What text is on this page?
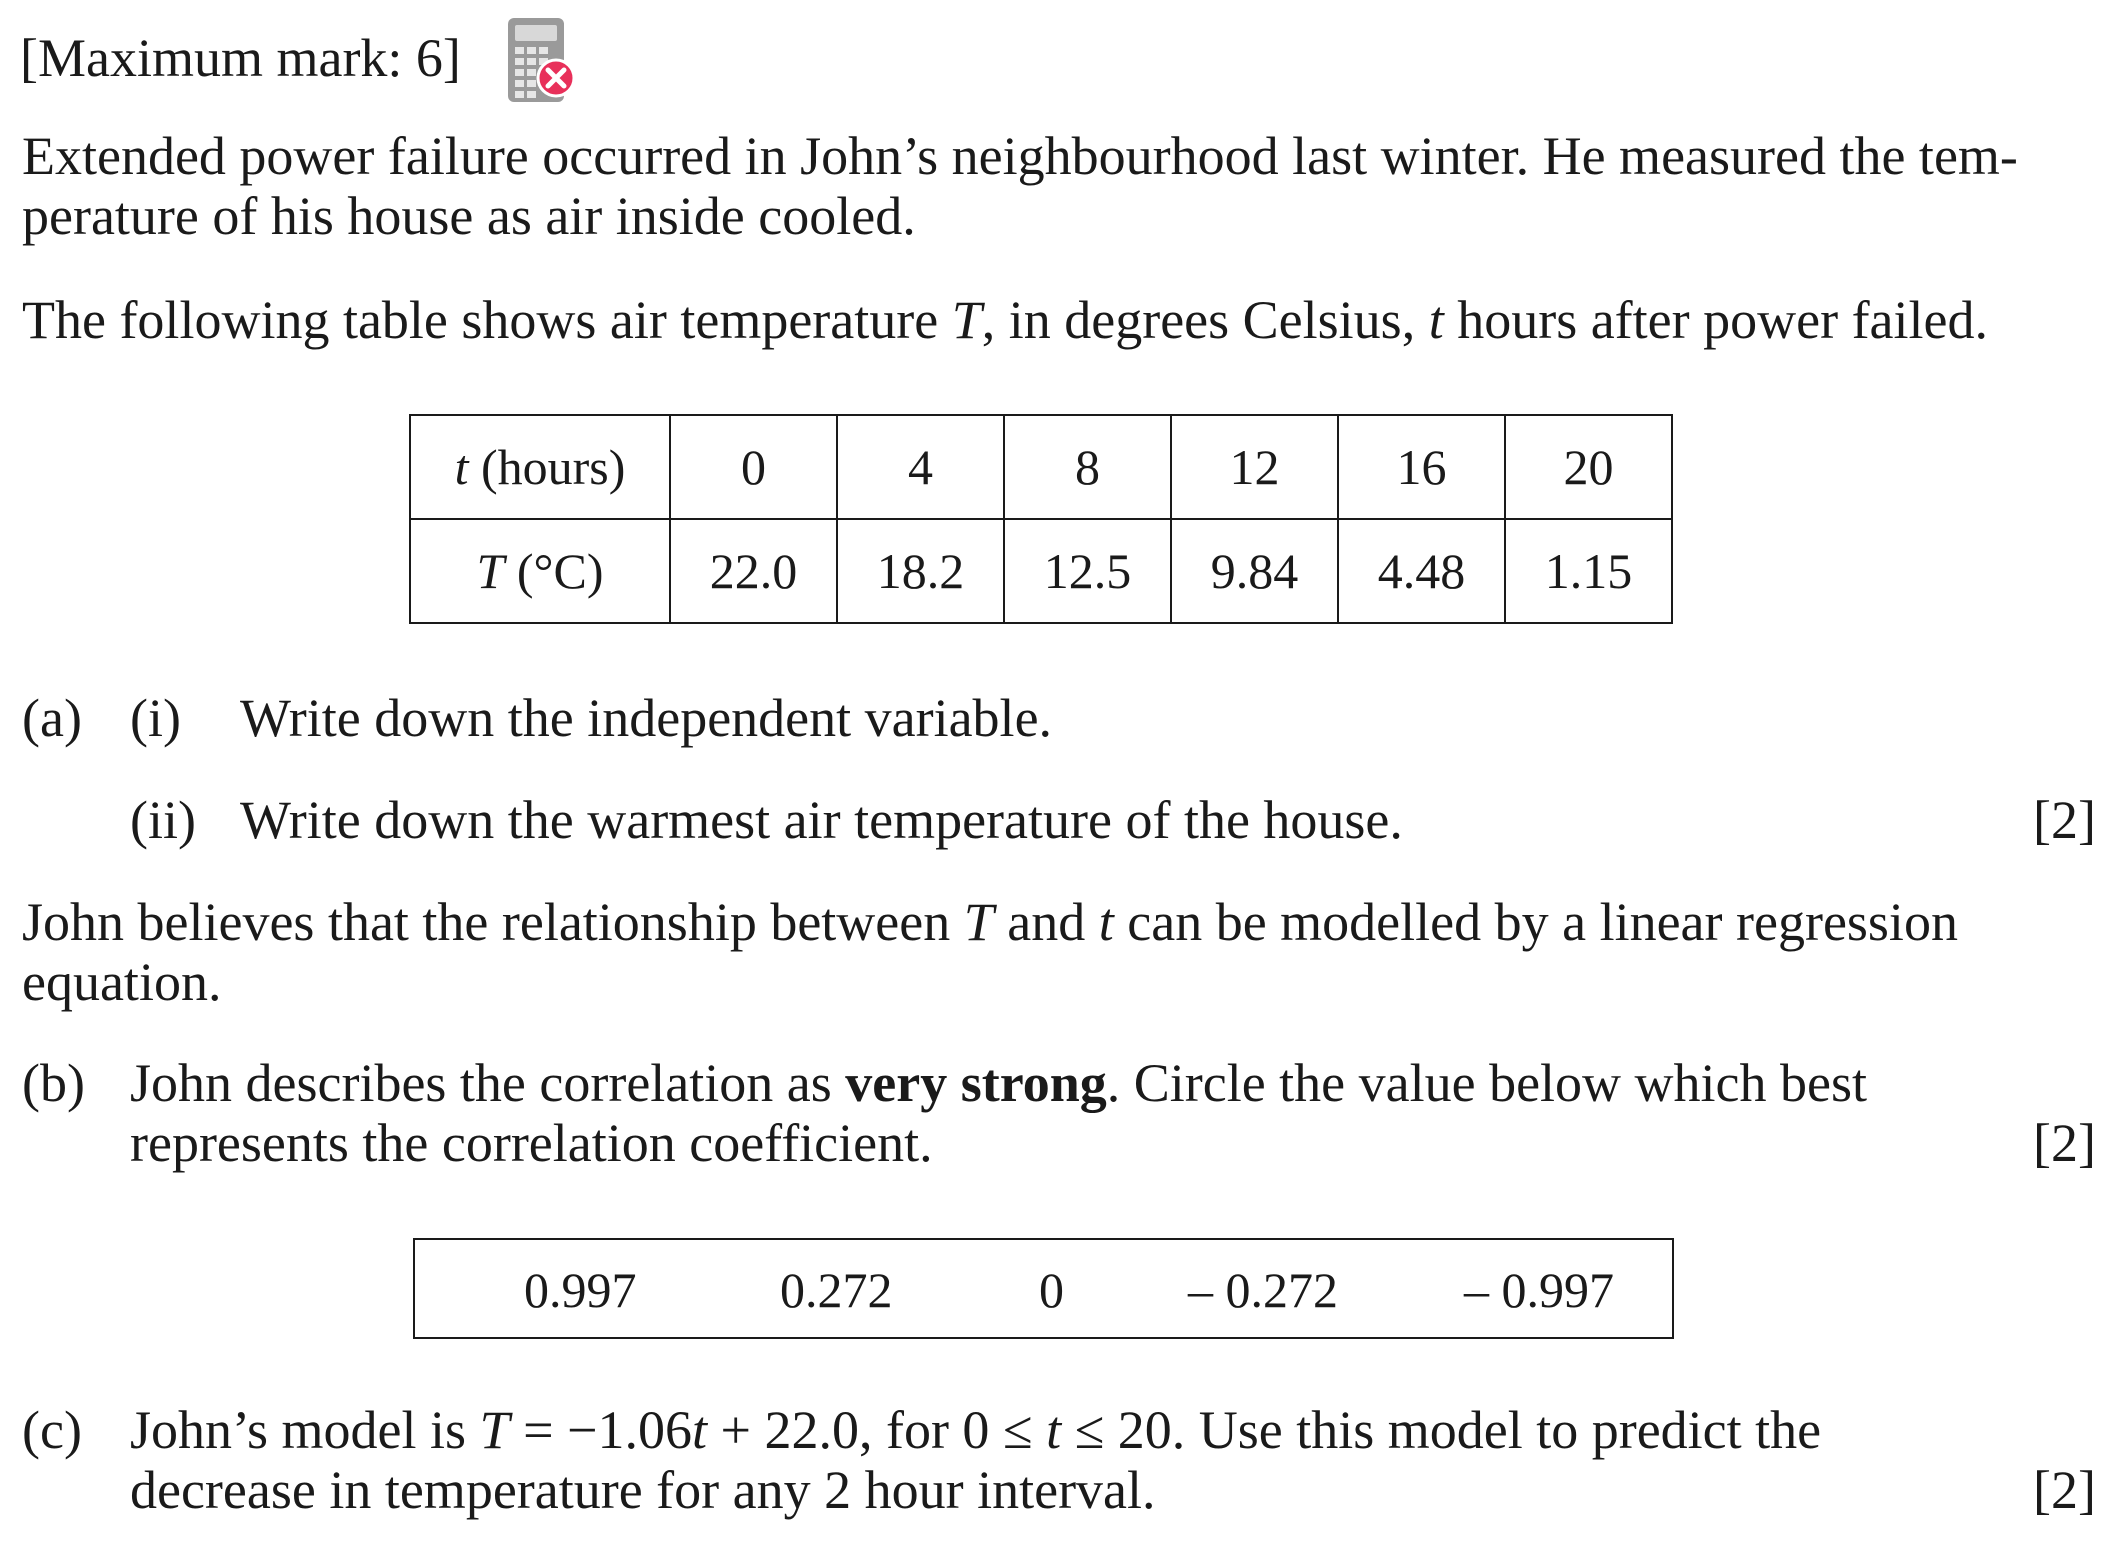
[Maximum mark: 6]
Extended power failure occurred in John’s neighbourhood last winter. He measured the tem-
perature of his house as air inside cooled.
The following table shows air temperature T, in degrees Celsius, t hours after power failed.
t (hours)	0	4	8	12	16	20
T (°C)	22.0	18.2	12.5	9.84	4.48	1.15
(a) (i) Write down the independent variable.
(ii) Write down the warmest air temperature of the house.	[2]
John believes that the relationship between T and t can be modelled by a linear regression
equation.
(b) John describes the correlation as very strong. Circle the value below which best
represents the correlation coefficient.	[2]
0.997	0.272	0 – 0.272	– 0.997
(c) John’s model is T = −1.06t + 22.0, for 0 ≤ t ≤ 20. Use this model to predict the
decrease in temperature for any 2 hour interval.	[2]
